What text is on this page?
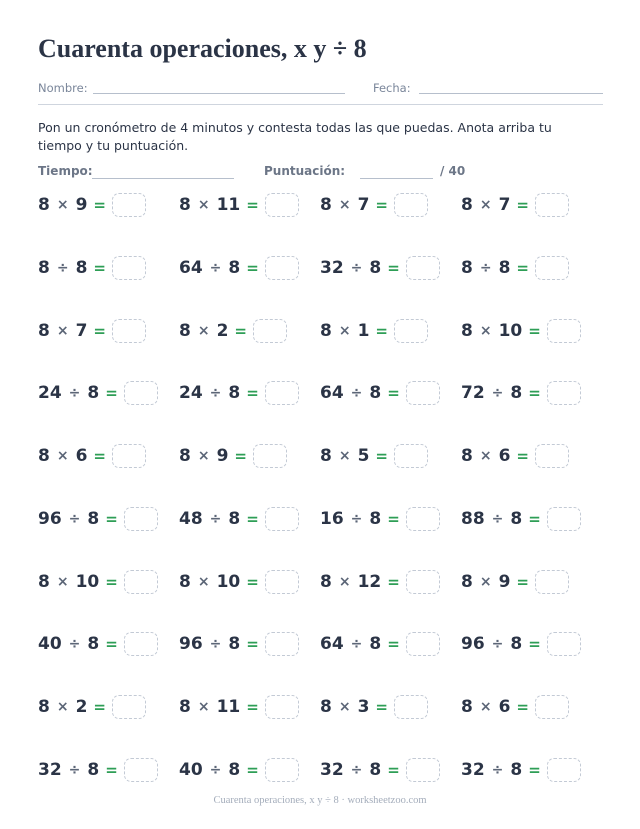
Cuarenta operaciones, x y ÷ 8
Nombre:	Fecha:

Pon un cronómetro de 4 minutos y contesta todas las que puedas. Anota arriba tu tiempo y tu puntuación.

Tiempo:	Puntuación:	/ 40
8 × 9 =	8 × 11 =	8 × 7 =	8 × 7 =
8 ÷ 8 =	64 ÷ 8 =	32 ÷ 8 =	8 ÷ 8 =
8 × 7 =	8 × 2 =	8 × 1 =	8 × 10 =
24 ÷ 8 =	24 ÷ 8 =	64 ÷ 8 =	72 ÷ 8 =
8 × 6 =	8 × 9 =	8 × 5 =	8 × 6 =
96 ÷ 8 =	48 ÷ 8 =	16 ÷ 8 =	88 ÷ 8 =
8 × 10 =	8 × 10 =	8 × 12 =	8 × 9 =
40 ÷ 8 =	96 ÷ 8 =	64 ÷ 8 =	96 ÷ 8 =
8 × 2 =	8 × 11 =	8 × 3 =	8 × 6 =
32 ÷ 8 =	40 ÷ 8 =	32 ÷ 8 =	32 ÷ 8 =
Cuarenta operaciones, x y ÷ 8 · worksheetzoo.com
